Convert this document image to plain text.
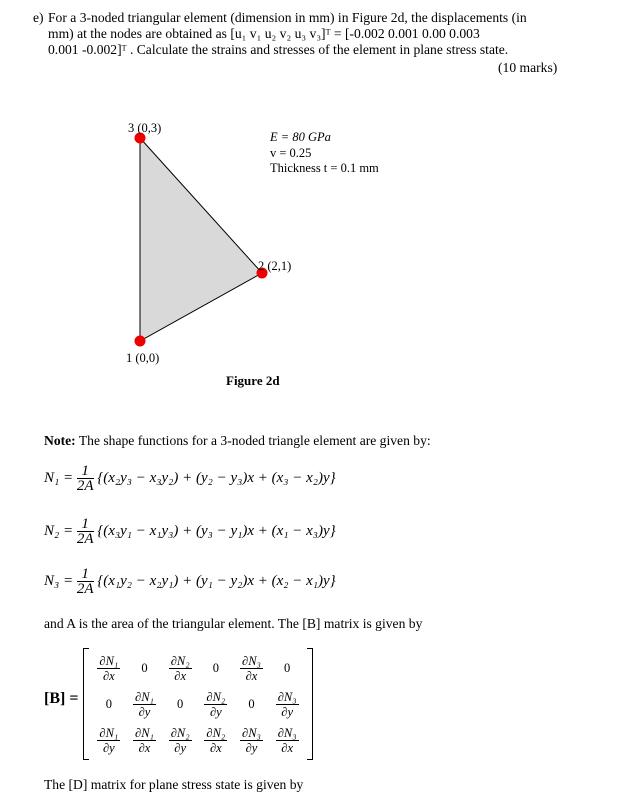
e) For a 3-noded triangular element (dimension in mm) in Figure 2d, the displacements (in
mm) at the nodes are obtained as [u₁ v₁ u₂ v₂ u₃ v₃]ᵀ = [-0.002 0.001 0.00 0.003
0.001 -0.002]ᵀ . Calculate the strains and stresses of the element in plane stress state.
(10 marks)
3 (0,3)
2 (2,1)
1 (0,0)
E = 80 GPa
v = 0.25
Thickness t = 0.1 mm
Figure 2d
Note: The shape functions for a 3-noded triangle element are given by:
$N_1 = \frac{1}{2A} \{(x_2y_3 - x_3y_2) + (y_2 - y_3)x + (x_3 - x_2)y\}$
$N_2 = \frac{1}{2A} \{(x_3y_1 - x_1y_3) + (y_3 - y_1)x + (x_1 - x_3)y\}$
$N_3 = \frac{1}{2A} \{(x_1y_2 - x_2y_1) + (y_1 - y_2)x + (x_2 - x_1)y\}$
and A is the area of the triangular element. The [B] matrix is given by
[B] =
$\frac{\text{∂N₁}}{\partial x} 0 \frac{\text{∂N₂}}{\partial x} 0 \frac{\text{∂N₃}}{\partial x} 0$
$0 \frac{\text{∂N₁}}{\partial y} 0 \frac{\text{∂N₂}}{\partial y} 0 \frac{\text{∂N₃}}{\partial y}$
$\frac{\text{∂N₁}}{\partial y} \frac{\text{∂N₁}}{\partial x} \frac{\text{∂N₂}}{\partial y} \frac{\text{∂N₂}}{\partial x} \frac{\text{∂N₃}}{\partial y} \frac{\text{∂N₃}}{\partial x}$
The [D] matrix for plane stress state is given by
